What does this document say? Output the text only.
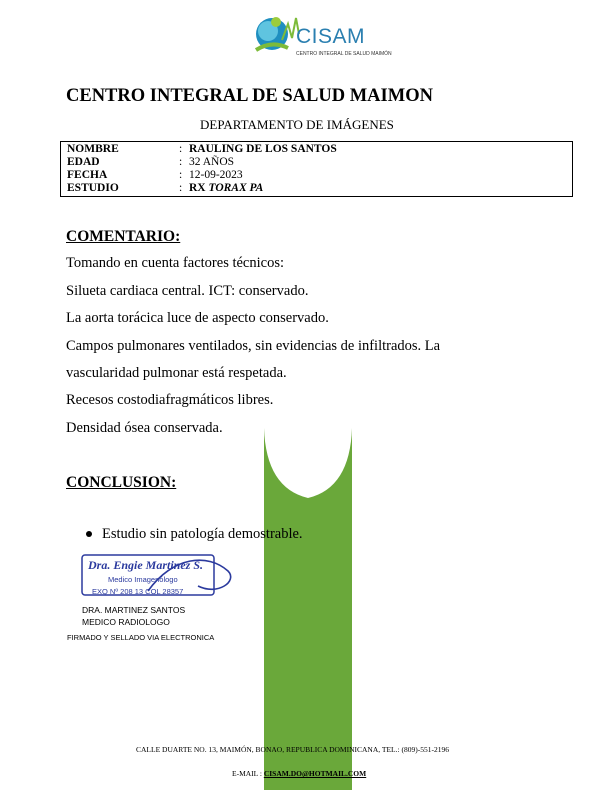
CISAM
CENTRO INTEGRAL DE SALUD MAIMÓN
CENTRO INTEGRAL DE SALUD MAIMON
DEPARTAMENTO DE IMÁGENES
NOMBRE	: RAULING DE LOS SANTOS
EDAD	: 32 AÑOS
FECHA	: 12-09-2023
ESTUDIO	: RX TORAX PA
COMENTARIO:
Tomando en cuenta factores técnicos:
Silueta cardiaca central. ICT: conservado.
La aorta torácica luce de aspecto conservado.
Campos pulmonares ventilados, sin evidencias de infiltrados. La
vascularidad pulmonar está respetada.
Recesos costodiafragmáticos libres.
Densidad ósea conservada.
CONCLUSION:
Estudio sin patología demostrable.
Dra. Engie Martinez S.
Medico Imagenólogo
EXQ Nº 208 13 COL 28357
DRA. MARTINEZ SANTOS
MEDICO RADIOLOGO
FIRMADO Y SELLADO VIA ELECTRONICA
CALLE DUARTE NO. 13, MAIMÓN, BONAO, REPUBLICA DOMINICANA, TEL.: (809)-551-2196
E-MAIL : CISAM.DO@HOTMAIL.COM
